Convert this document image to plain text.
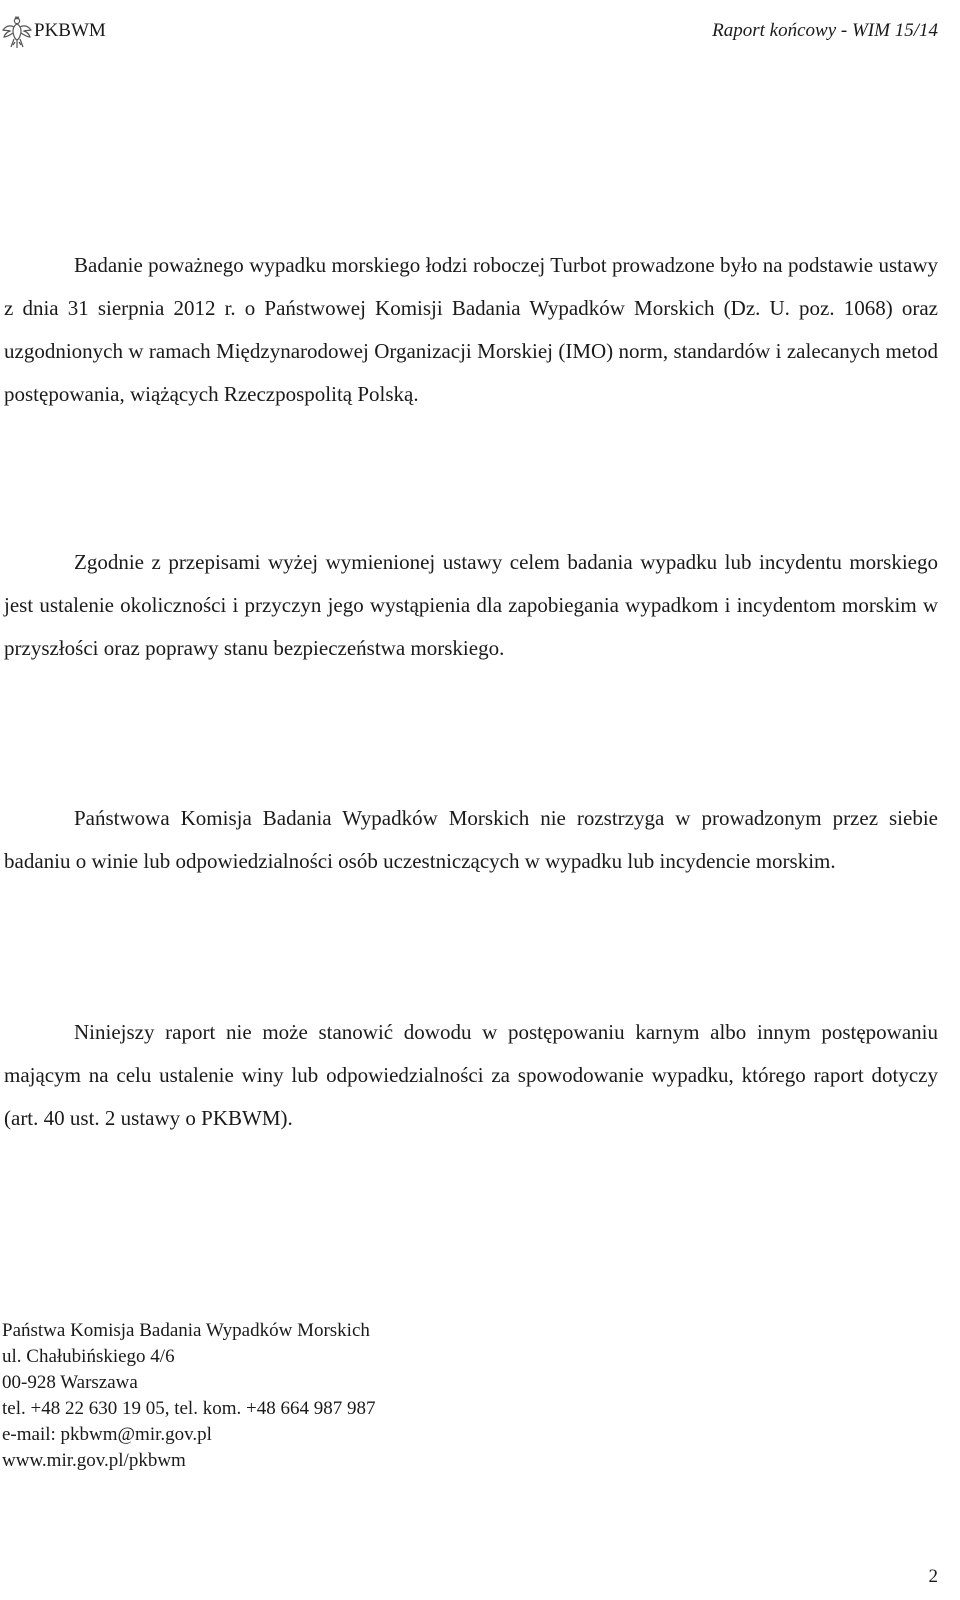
PKBWM	Raport końcowy - WIM 15/14

Badanie poważnego wypadku morskiego łodzi roboczej Turbot prowadzone było na podstawie ustawy z dnia 31 sierpnia 2012 r. o Państwowej Komisji Badania Wypadków Morskich (Dz. U. poz. 1068) oraz uzgodnionych w ramach Międzynarodowej Organizacji Morskiej (IMO) norm, standardów i zalecanych metod postępowania, wiążących Rzeczpospolitą Polską.

Zgodnie z przepisami wyżej wymienionej ustawy celem badania wypadku lub incydentu morskiego jest ustalenie okoliczności i przyczyn jego wystąpienia dla zapobiegania wypadkom i incydentom morskim w przyszłości oraz poprawy stanu bezpieczeństwa morskiego.

Państwowa Komisja Badania Wypadków Morskich nie rozstrzyga w prowadzonym przez siebie badaniu o winie lub odpowiedzialności osób uczestniczących w wypadku lub incydencie morskim.

Niniejszy raport nie może stanowić dowodu w postępowaniu karnym albo innym postępowaniu mającym na celu ustalenie winy lub odpowiedzialności za spowodowanie wypadku, którego raport dotyczy (art. 40 ust. 2 ustawy o PKBWM).

Państwa Komisja Badania Wypadków Morskich
ul. Chałubińskiego 4/6
00-928 Warszawa
tel. +48 22 630 19 05, tel. kom. +48 664 987 987
e-mail: pkbwm@mir.gov.pl
www.mir.gov.pl/pkbwm
2
